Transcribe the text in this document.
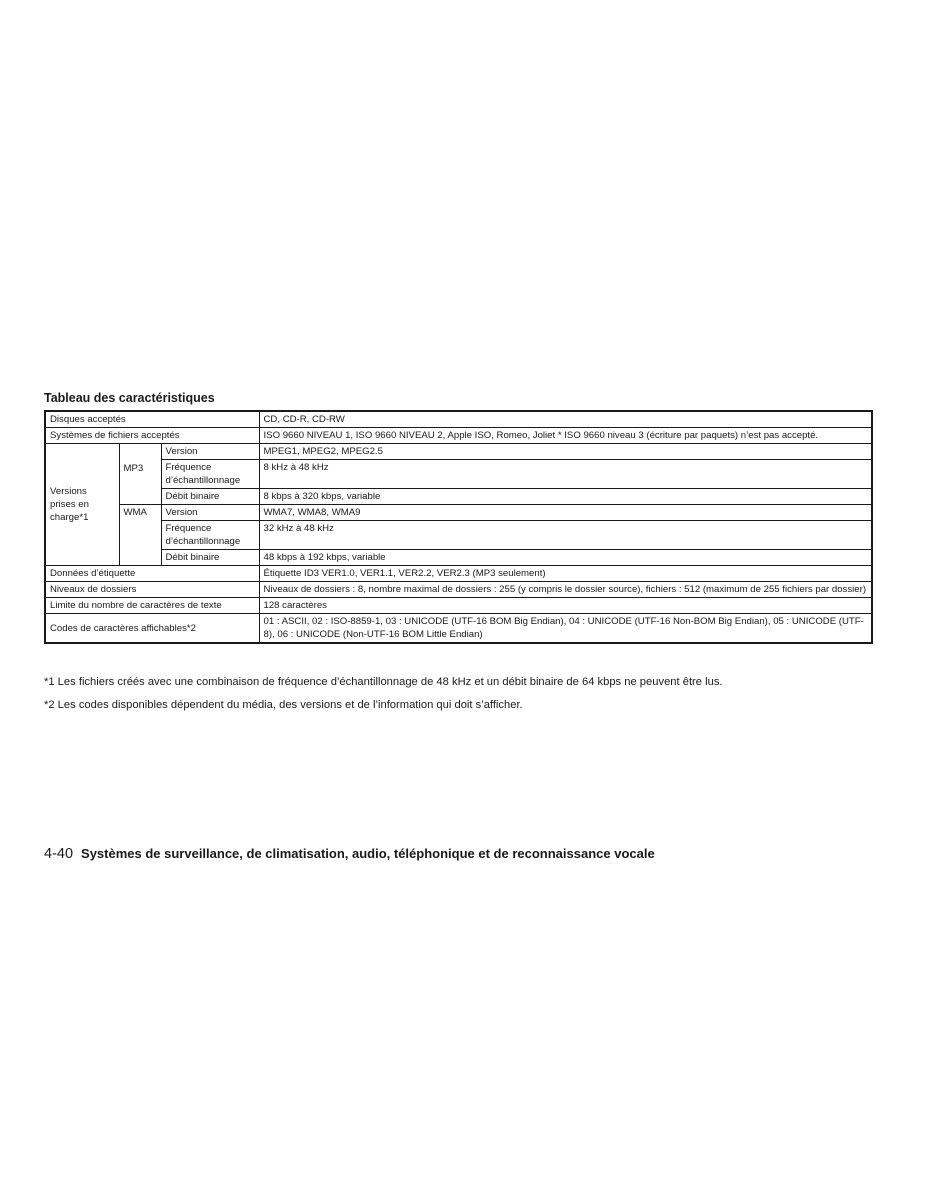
Tableau des caractéristiques
Disques acceptés			CD, CD-R, CD-RW
Systèmes de fichiers acceptés			ISO 9660 NIVEAU 1, ISO 9660 NIVEAU 2, Apple ISO, Romeo, Joliet * ISO 9660 niveau 3 (écriture par paquets) n’est pas accepté.
Versions prises en charge*1	MP3	Version	MPEG1, MPEG2, MPEG2.5
		Fréquence d’échantillonnage	8 kHz à 48 kHz
		Débit binaire	8 kbps à 320 kbps, variable
	WMA	Version	WMA7, WMA8, WMA9
		Fréquence d’échantillonnage	32 kHz à 48 kHz
		Débit binaire	48 kbps à 192 kbps, variable
Données d’étiquette			Étiquette ID3 VER1.0, VER1.1, VER2.2, VER2.3 (MP3 seulement)
Niveaux de dossiers			Niveaux de dossiers : 8, nombre maximal de dossiers : 255 (y compris le dossier source), fichiers : 512 (maximum de 255 fichiers par dossier)
Limite du nombre de caractères de texte			128 caractères
Codes de caractères affichables*2			01 : ASCII, 02 : ISO-8859-1, 03 : UNICODE (UTF-16 BOM Big Endian), 04 : UNICODE (UTF-16 Non-BOM Big Endian), 05 : UNICODE (UTF-8), 06 : UNICODE (Non-UTF-16 BOM Little Endian)
*1 Les fichiers créés avec une combinaison de fréquence d’échantillonnage de 48 kHz et un débit binaire de 64 kbps ne peuvent être lus.
*2 Les codes disponibles dépendent du média, des versions et de l’information qui doit s’afficher.
4-40 Systèmes de surveillance, de climatisation, audio, téléphonique et de reconnaissance vocale
